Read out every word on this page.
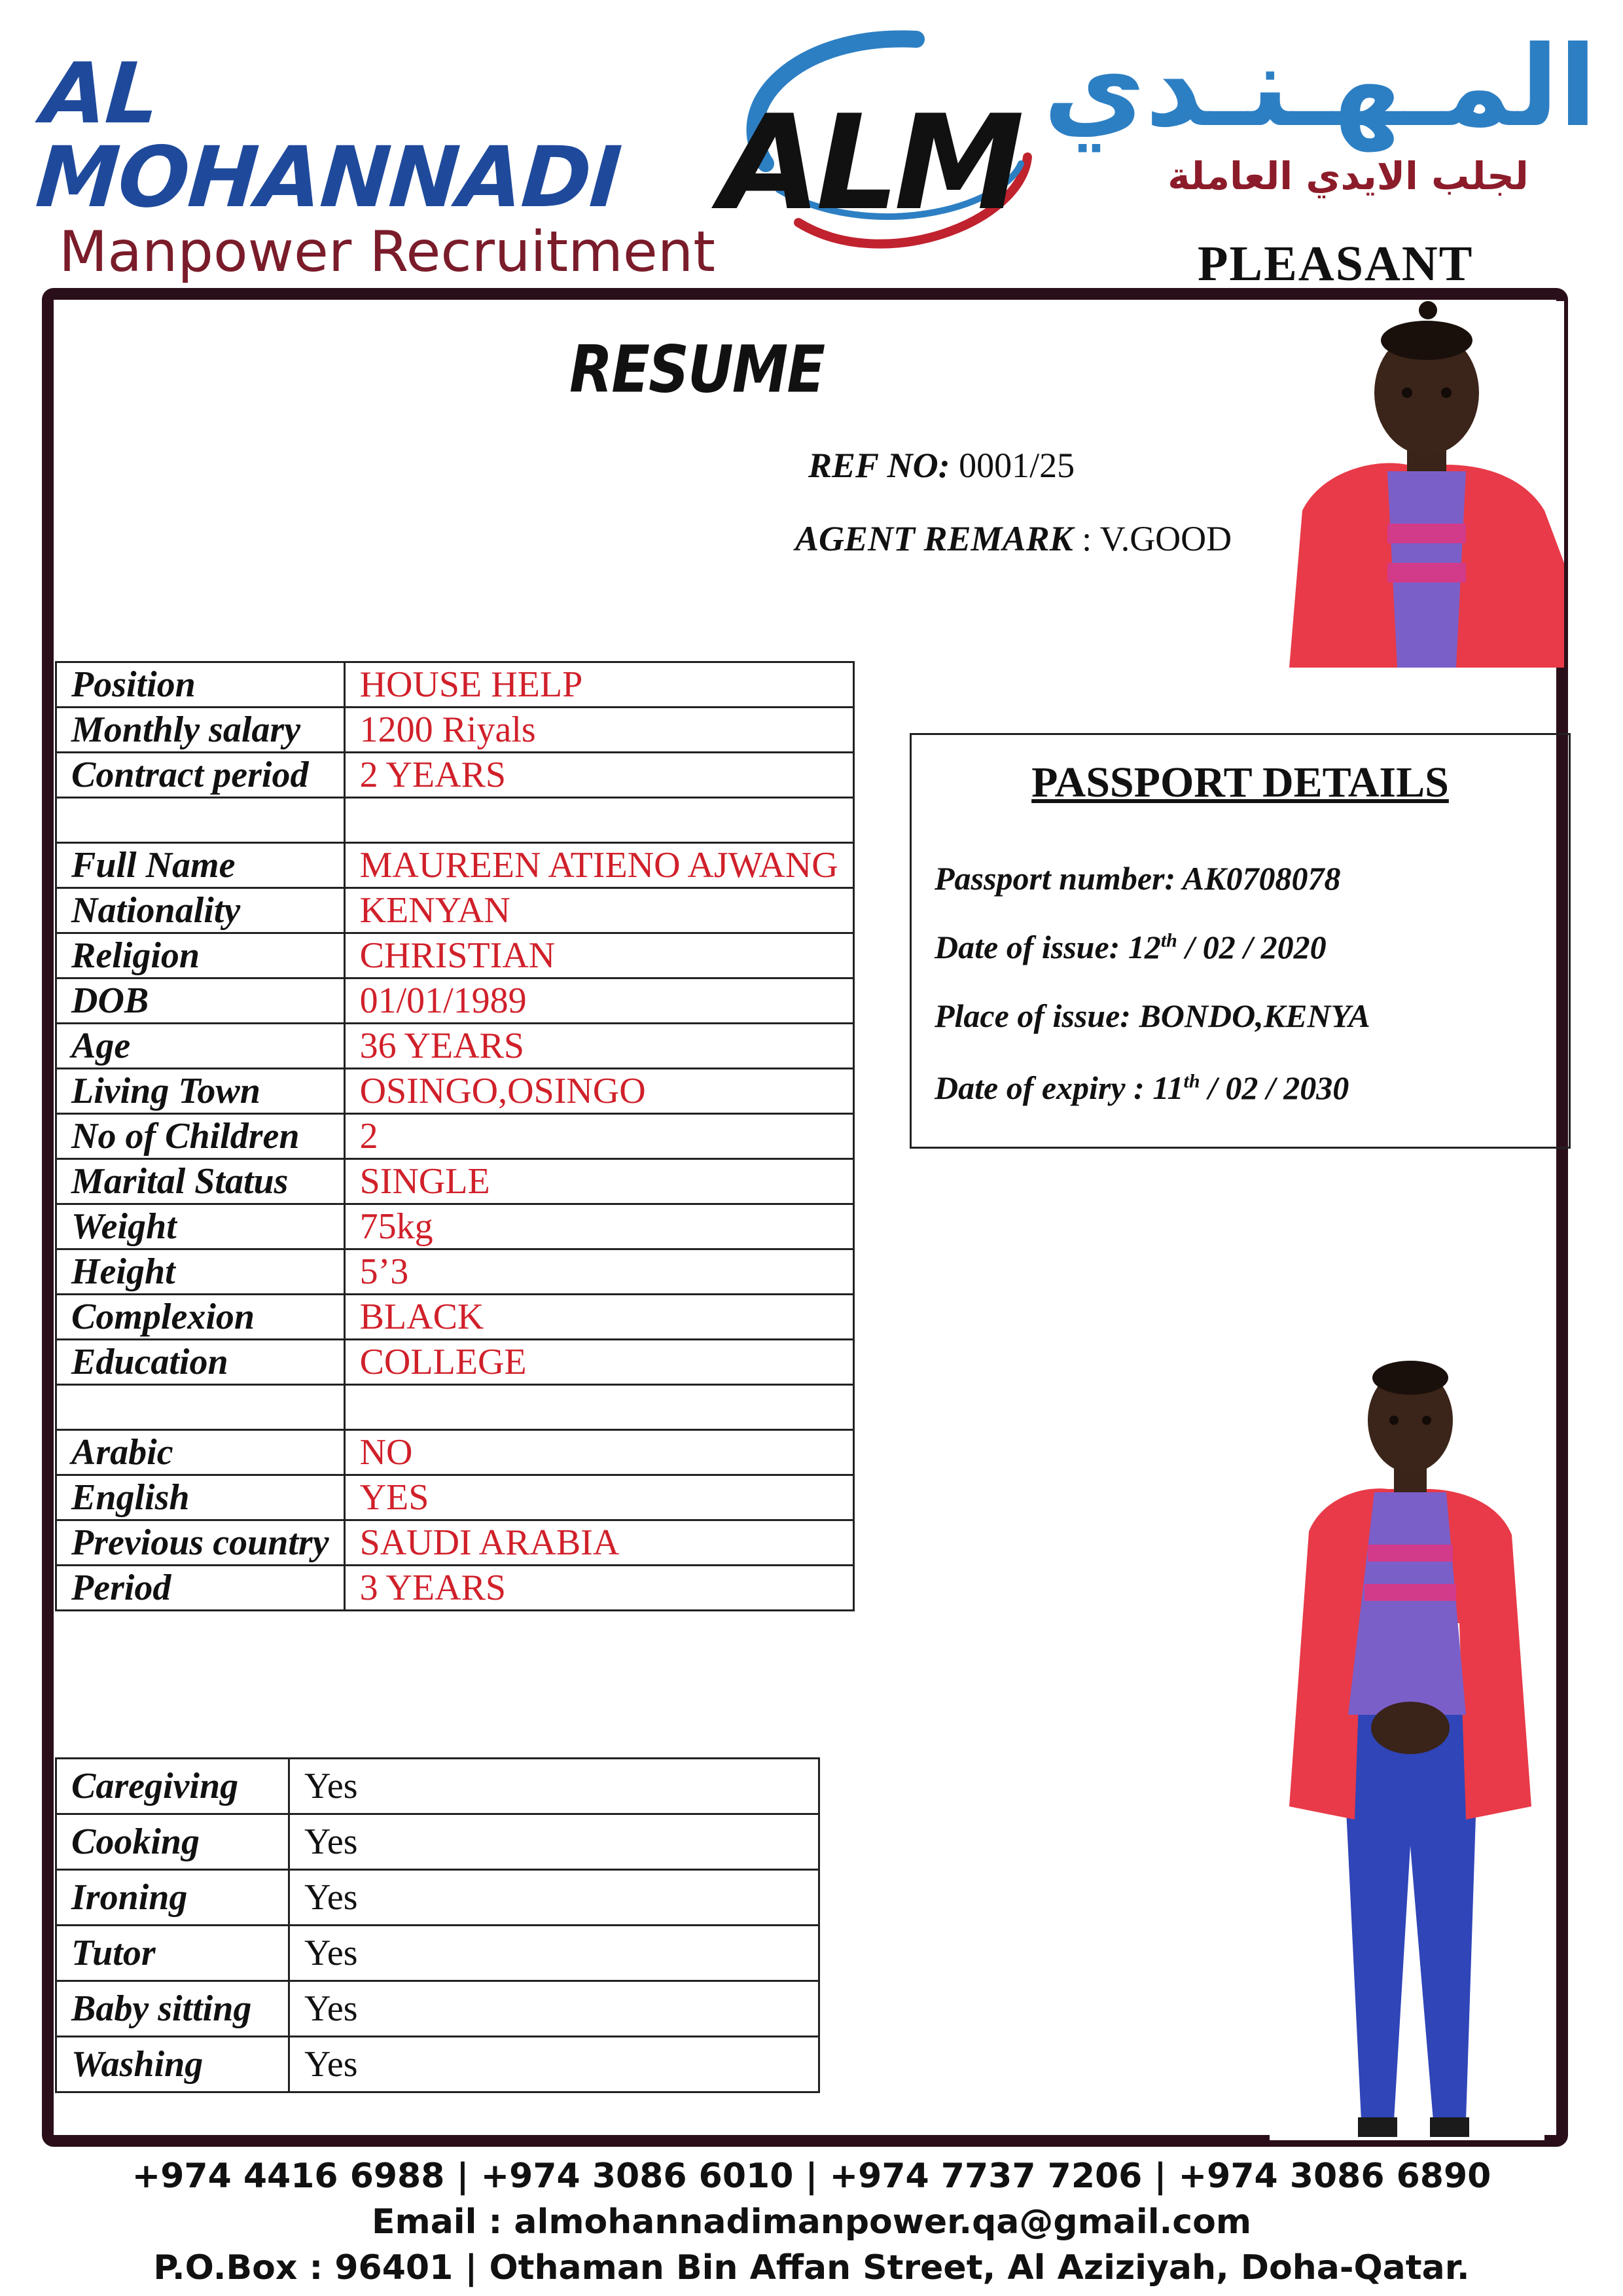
AL MOHANNADI
Manpower Recruitment
ALM المـهـنـدي
لجلب الايدي العاملة
PLEASANT
RESUME
REF NO: 0001/25
AGENT REMARK : V.GOOD
Position	HOUSE HELP
Monthly salary	1200 Riyals
Contract period	2 YEARS

Full Name	MAUREEN ATIENO AJWANG
Nationality	KENYAN
Religion	CHRISTIAN
DOB	01/01/1989
Age	36 YEARS
Living Town	OSINGO,OSINGO
No of Children	2
Marital Status	SINGLE
Weight	75kg
Height	5’3
Complexion	BLACK
Education	COLLEGE

Arabic	NO
English	YES
Previous country	SAUDI ARABIA
Period	3 YEARS
Caregiving	Yes
Cooking	Yes
Ironing	Yes
Tutor	Yes
Baby sitting	Yes
Washing	Yes
PASSPORT DETAILS
Passport number: AK0708078
Date of issue: 12th / 02 / 2020
Place of issue: BONDO,KENYA
Date of expiry : 11th / 02 / 2030
+974 4416 6988 | +974 3086 6010 | +974 7737 7206 | +974 3086 6890
Email : almohannadimanpower.qa@gmail.com
P.O.Box : 96401 | Othaman Bin Affan Street, Al Aziziyah, Doha-Qatar.
